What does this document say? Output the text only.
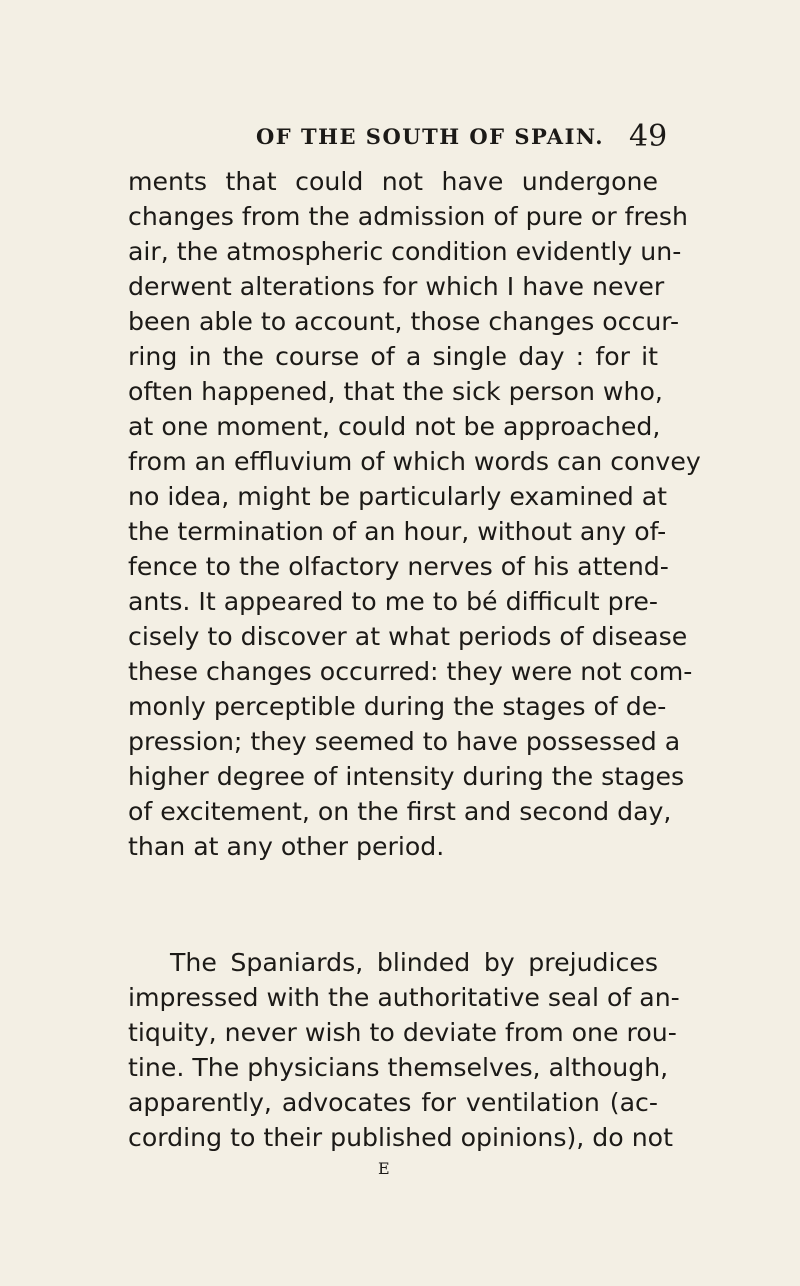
OF THE SOUTH OF SPAIN. 49
ments that could not have undergone
changes from the admission of pure or fresh
air, the atmospheric condition evidently un-
derwent alterations for which I have never
been able to account, those changes occur-
ring in the course of a single day : for it
often happened, that the sick person who,
at one moment, could not be approached,
from an effluvium of which words can convey
no idea, might be particularly examined at
the termination of an hour, without any of-
fence to the olfactory nerves of his attend-
ants. It appeared to me to bé difficult pre-
cisely to discover at what periods of disease
these changes occurred: they were not com-
monly perceptible during the stages of de-
pression; they seemed to have possessed a
higher degree of intensity during the stages
of excitement, on the first and second day,
than at any other period.
The Spaniards, blinded by prejudices
impressed with the authoritative seal of an-
tiquity, never wish to deviate from one rou-
tine. The physicians themselves, although,
apparently, advocates for ventilation (ac-
cording to their published opinions), do not
E
